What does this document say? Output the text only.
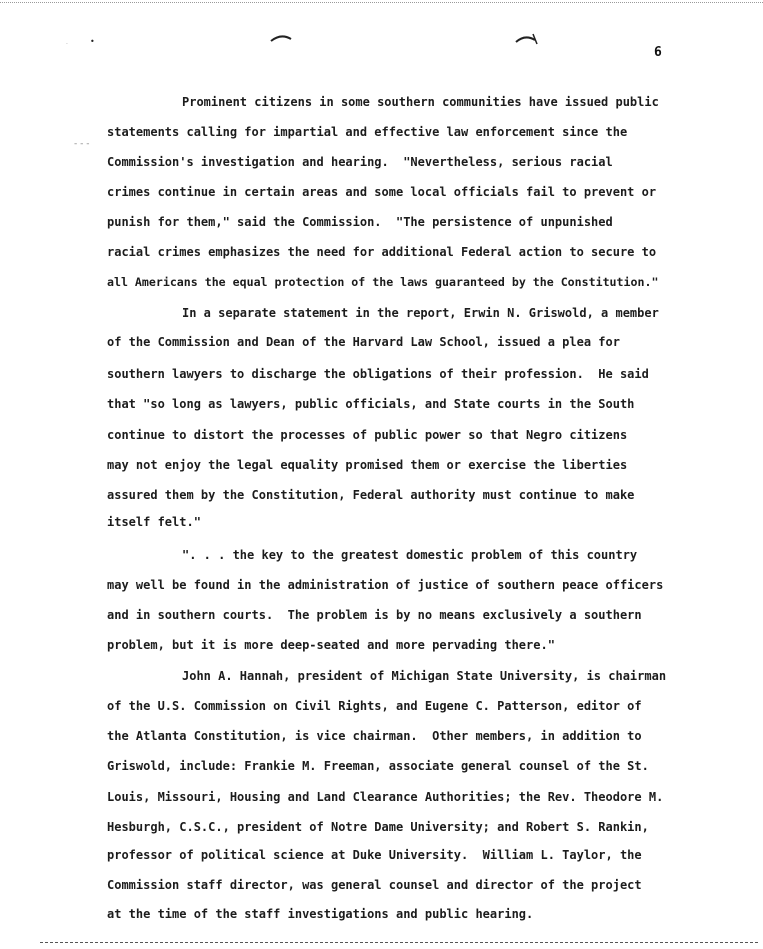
•
.
- - -
6
Prominent citizens in some southern communities have issued public
statements calling for impartial and effective law enforcement since the
Commission's investigation and hearing.  "Nevertheless, serious racial
crimes continue in certain areas and some local officials fail to prevent or
punish for them," said the Commission.  "The persistence of unpunished
racial crimes emphasizes the need for additional Federal action to secure to
all Americans the equal protection of the laws guaranteed by the Constitution."
In a separate statement in the report, Erwin N. Griswold, a member
of the Commission and Dean of the Harvard Law School, issued a plea for
southern lawyers to discharge the obligations of their profession.  He said
that "so long as lawyers, public officials, and State courts in the South
continue to distort the processes of public power so that Negro citizens
may not enjoy the legal equality promised them or exercise the liberties
assured them by the Constitution, Federal authority must continue to make
itself felt."
". . . the key to the greatest domestic problem of this country
may well be found in the administration of justice of southern peace officers
and in southern courts.  The problem is by no means exclusively a southern
problem, but it is more deep-seated and more pervading there."
John A. Hannah, president of Michigan State University, is chairman
of the U.S. Commission on Civil Rights, and Eugene C. Patterson, editor of
the Atlanta Constitution, is vice chairman.  Other members, in addition to
Griswold, include: Frankie M. Freeman, associate general counsel of the St.
Louis, Missouri, Housing and Land Clearance Authorities; the Rev. Theodore M.
Hesburgh, C.S.C., president of Notre Dame University; and Robert S. Rankin,
professor of political science at Duke University.  William L. Taylor, the
Commission staff director, was general counsel and director of the project
at the time of the staff investigations and public hearing.
